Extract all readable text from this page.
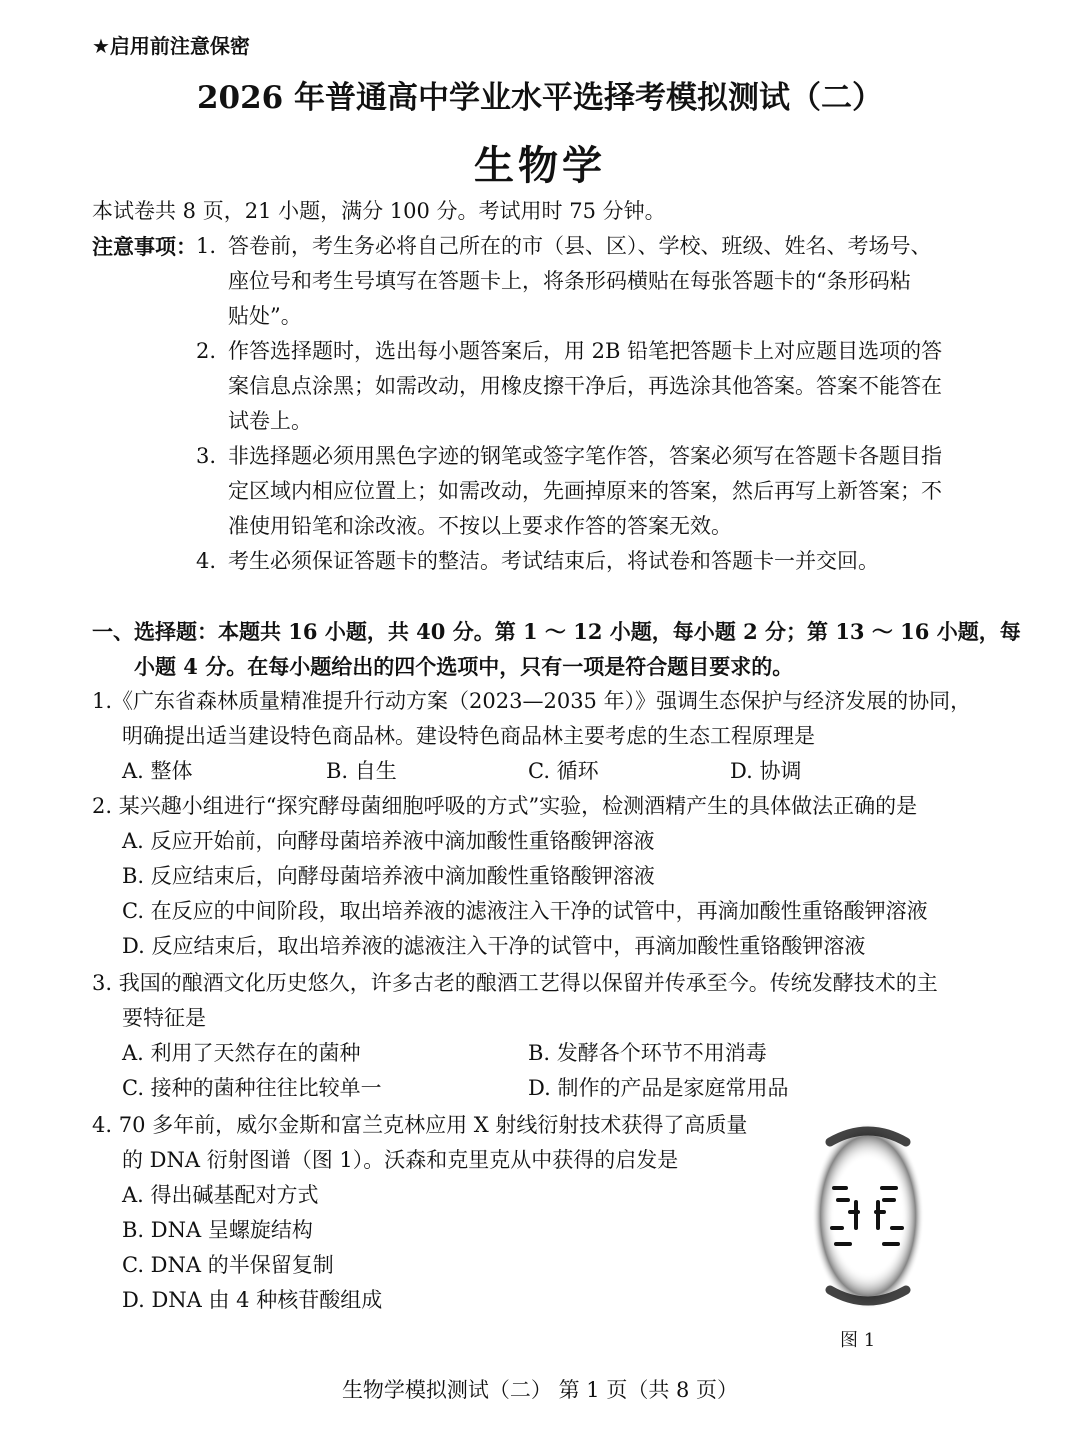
★启用前注意保密
2026 年普通高中学业水平选择考模拟测试（二）
生物学
本试卷共 8 页，21 小题，满分 100 分。考试用时 75 分钟。
注意事项： 1. 答卷前，考生务必将自己所在的市（县、区）、学校、班级、姓名、考场号、
座位号和考生号填写在答题卡上，将条形码横贴在每张答题卡的“条形码粘
贴处”。
2. 作答选择题时，选出每小题答案后，用 2B 铅笔把答题卡上对应题目选项的答
案信息点涂黑；如需改动，用橡皮擦干净后，再选涂其他答案。答案不能答在
试卷上。
3. 非选择题必须用黑色字迹的钢笔或签字笔作答，答案必须写在答题卡各题目指
定区域内相应位置上；如需改动，先画掉原来的答案，然后再写上新答案；不
准使用铅笔和涂改液。不按以上要求作答的答案无效。
4. 考生必须保证答题卡的整洁。考试结束后，将试卷和答题卡一并交回。
一、选择题：本题共 16 小题，共 40 分。第 1 ～ 12 小题，每小题 2 分；第 13 ～ 16 小题，每
小题 4 分。在每小题给出的四个选项中，只有一项是符合题目要求的。
1.《广东省森林质量精准提升行动方案（2023—2035 年）》强调生态保护与经济发展的协同，
明确提出适当建设特色商品林。建设特色商品林主要考虑的生态工程原理是
A. 整体	B. 自生	C. 循环	D. 协调
2. 某兴趣小组进行“探究酵母菌细胞呼吸的方式”实验，检测酒精产生的具体做法正确的是
A. 反应开始前，向酵母菌培养液中滴加酸性重铬酸钾溶液
B. 反应结束后，向酵母菌培养液中滴加酸性重铬酸钾溶液
C. 在反应的中间阶段，取出培养液的滤液注入干净的试管中，再滴加酸性重铬酸钾溶液
D. 反应结束后，取出培养液的滤液注入干净的试管中，再滴加酸性重铬酸钾溶液
3. 我国的酿酒文化历史悠久，许多古老的酿酒工艺得以保留并传承至今。传统发酵技术的主
要特征是
A. 利用了天然存在的菌种	B. 发酵各个环节不用消毒
C. 接种的菌种往往比较单一	D. 制作的产品是家庭常用品
4. 70 多年前，威尔金斯和富兰克林应用 X 射线衍射技术获得了高质量
的 DNA 衍射图谱（图 1）。沃森和克里克从中获得的启发是
A. 得出碱基配对方式
B. DNA 呈螺旋结构
C. DNA 的半保留复制
D. DNA 由 4 种核苷酸组成
图 1
生物学模拟测试（二） 第 1 页（共 8 页）
